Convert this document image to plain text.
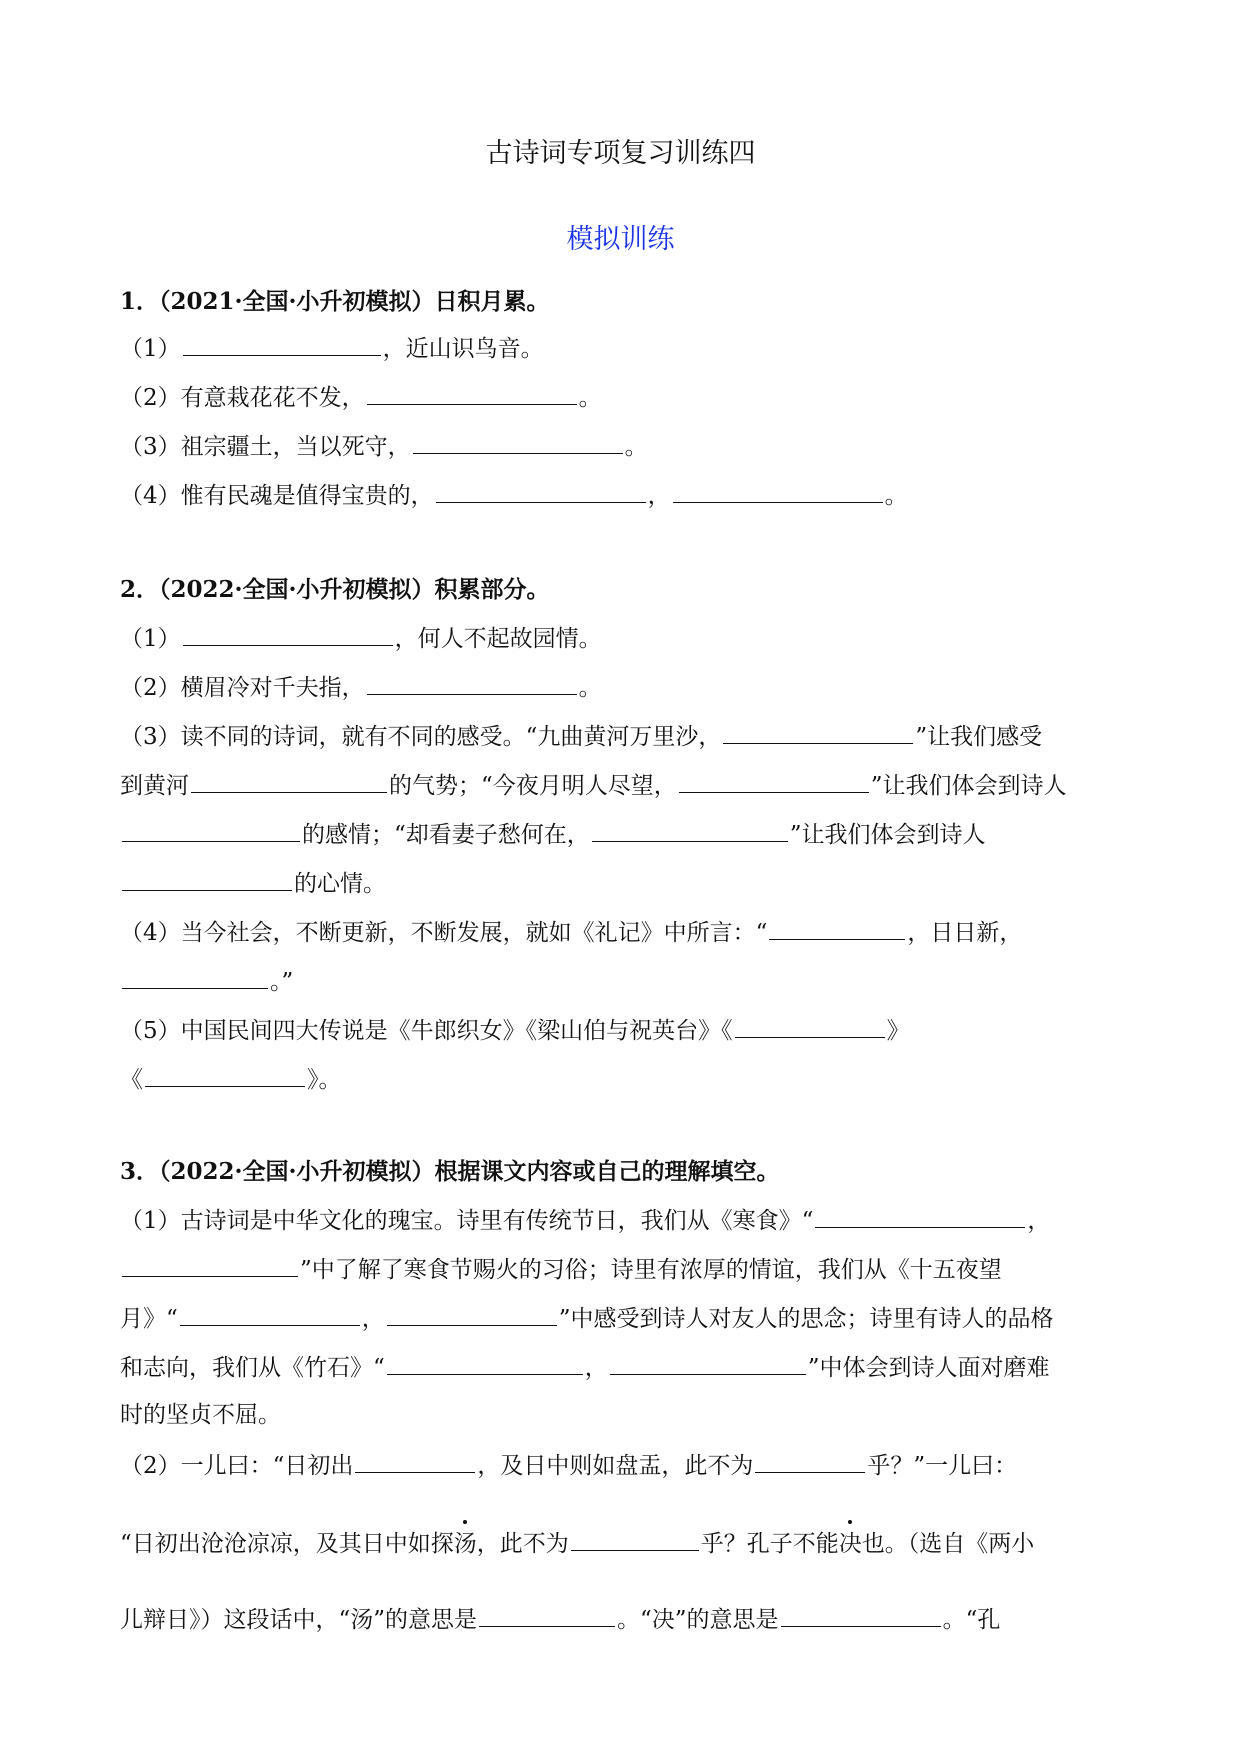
古诗词专项复习训练四
模拟训练
1．（2021·全国·小升初模拟）日积月累。
（1）	，近山识鸟音。
（2）有意栽花花不发，	。
（3）祖宗疆土，当以死守，	。
（4）惟有民魂是值得宝贵的，	，	。
2．（2022·全国·小升初模拟）积累部分。
（1）	，何人不起故园情。
（2）横眉冷对千夫指，	。
（3）读不同的诗词，就有不同的感受。“九曲黄河万里沙，	”让我们感受
到黄河	的气势；“今夜月明人尽望，	”让我们体会到诗人
的感情；“却看妻子愁何在，	”让我们体会到诗人
的心情。
（4）当今社会，不断更新，不断发展，就如《礼记》中所言：“	，日日新，
。”
（5）中国民间四大传说是《牛郎织女》《梁山伯与祝英台》《	》
《	》。
3．（2022·全国·小升初模拟）根据课文内容或自己的理解填空。
（1）古诗词是中华文化的瑰宝。诗里有传统节日，我们从《寒食》“	，
”中了解了寒食节赐火的习俗；诗里有浓厚的情谊，我们从《十五夜望
月》“	，	”中感受到诗人对友人的思念；诗里有诗人的品格
和志向，我们从《竹石》“	，	”中体会到诗人面对磨难
时的坚贞不屈。
（2）一儿曰：“日初出	，及日中则如盘盂，此不为	乎？”一儿曰：
“日初出沧沧凉凉，及其日中如探汤，此不为	乎？孔子不能决也。（选自《两小
儿辩日》）这段话中，“汤”的意思是	。“决”的意思是	。“孔
